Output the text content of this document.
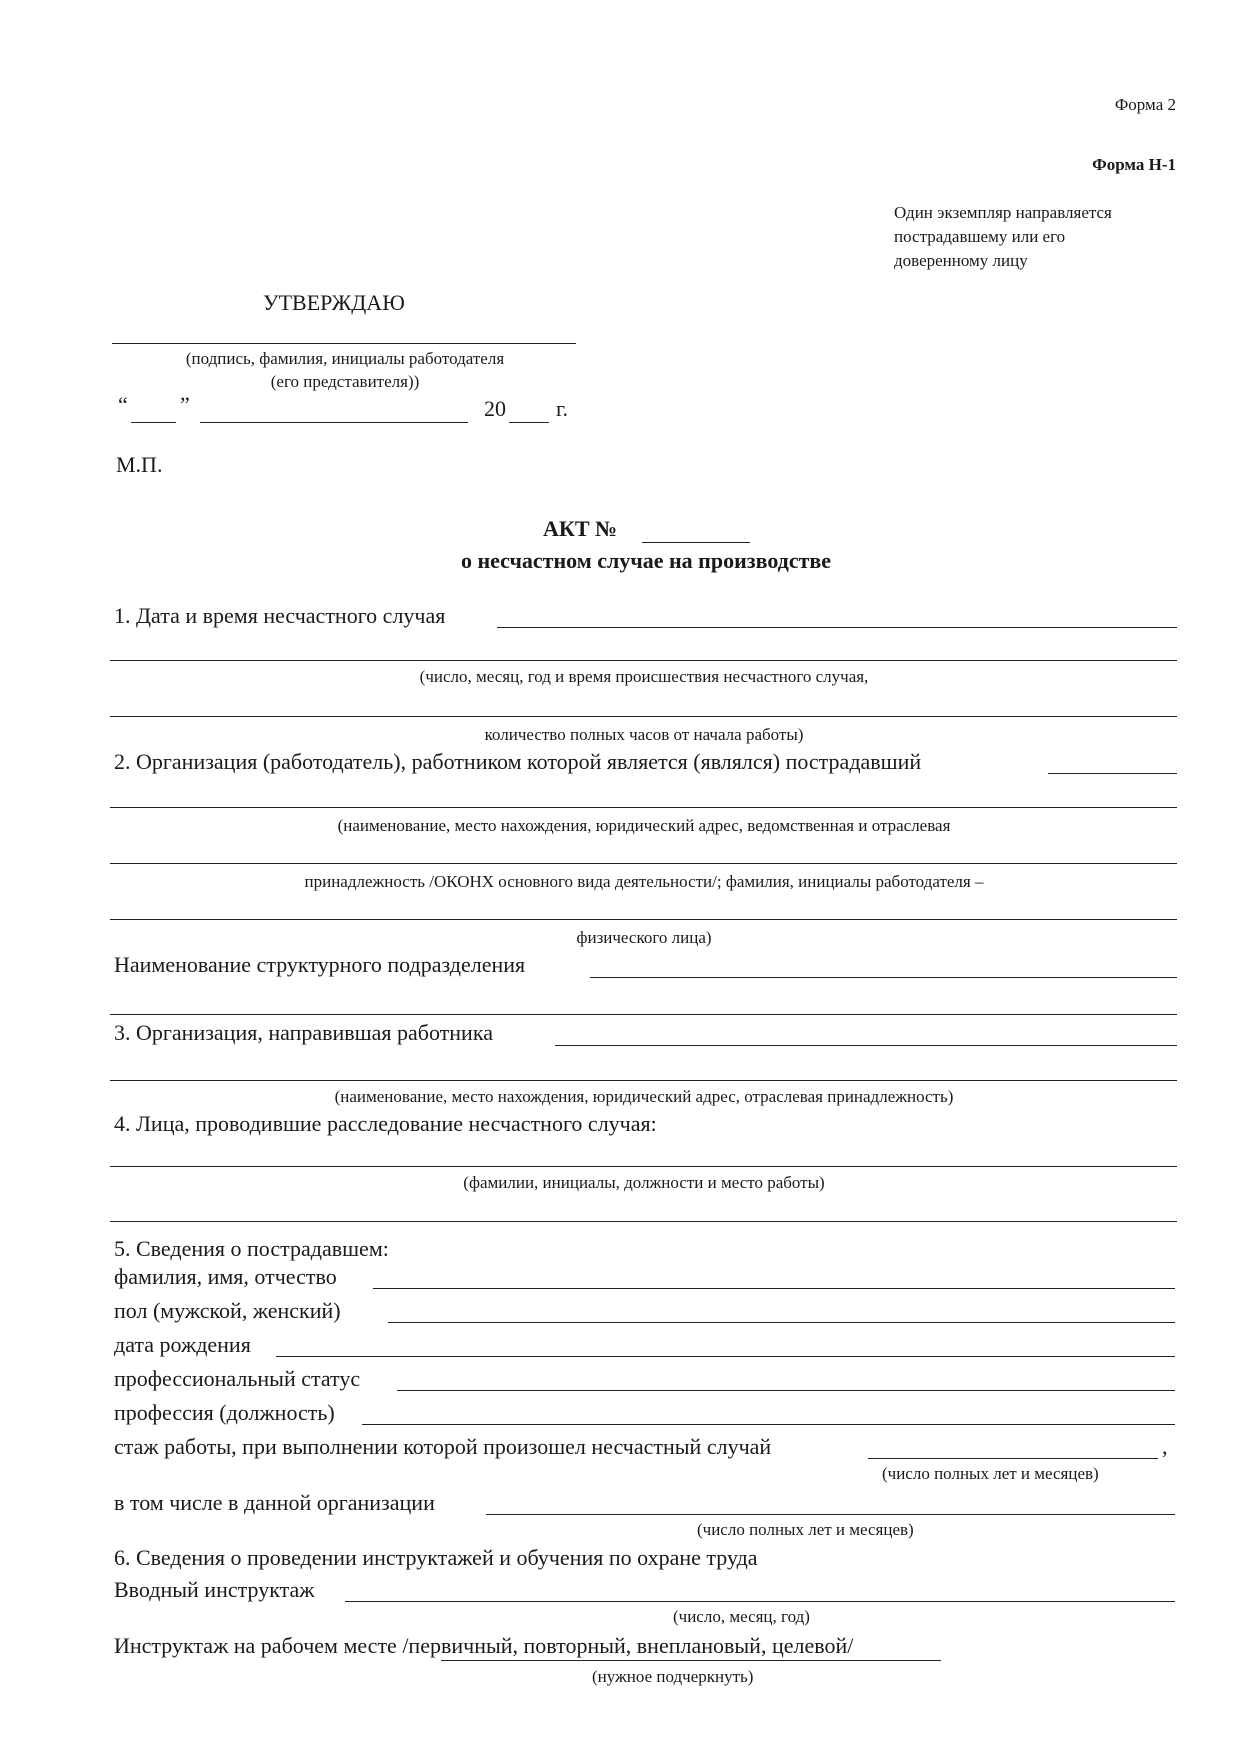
Форма 2
Форма Н-1
Один экземпляр направляется
пострадавшему или его
доверенному лицу
УТВЕРЖДАЮ
(подпись, фамилия, инициалы работодателя
(его представителя))
“ ”	20 г.
М.П.
АКТ №
о несчастном случае на производстве
1. Дата и время несчастного случая
(число, месяц, год и время происшествия несчастного случая,
количество полных часов от начала работы)
2. Организация (работодатель), работником которой является (являлся) пострадавший
(наименование, место нахождения, юридический адрес, ведомственная и отраслевая
принадлежность /ОКОНХ основного вида деятельности/; фамилия, инициалы работодателя –
физического лица)
Наименование структурного подразделения
3. Организация, направившая работника
(наименование, место нахождения, юридический адрес, отраслевая принадлежность)
4. Лица, проводившие расследование несчастного случая:
(фамилии, инициалы, должности и место работы)
5. Сведения о пострадавшем:
фамилия, имя, отчество
пол (мужской, женский)
дата рождения
профессиональный статус
профессия (должность)
стаж работы, при выполнении которой произошел несчастный случай	,
(число полных лет и месяцев)
в том числе в данной организации
(число полных лет и месяцев)
6. Сведения о проведении инструктажей и обучения по охране труда
Вводный инструктаж
(число, месяц, год)
Инструктаж на рабочем месте /первичный, повторный, внеплановый, целевой/
(нужное подчеркнуть)
